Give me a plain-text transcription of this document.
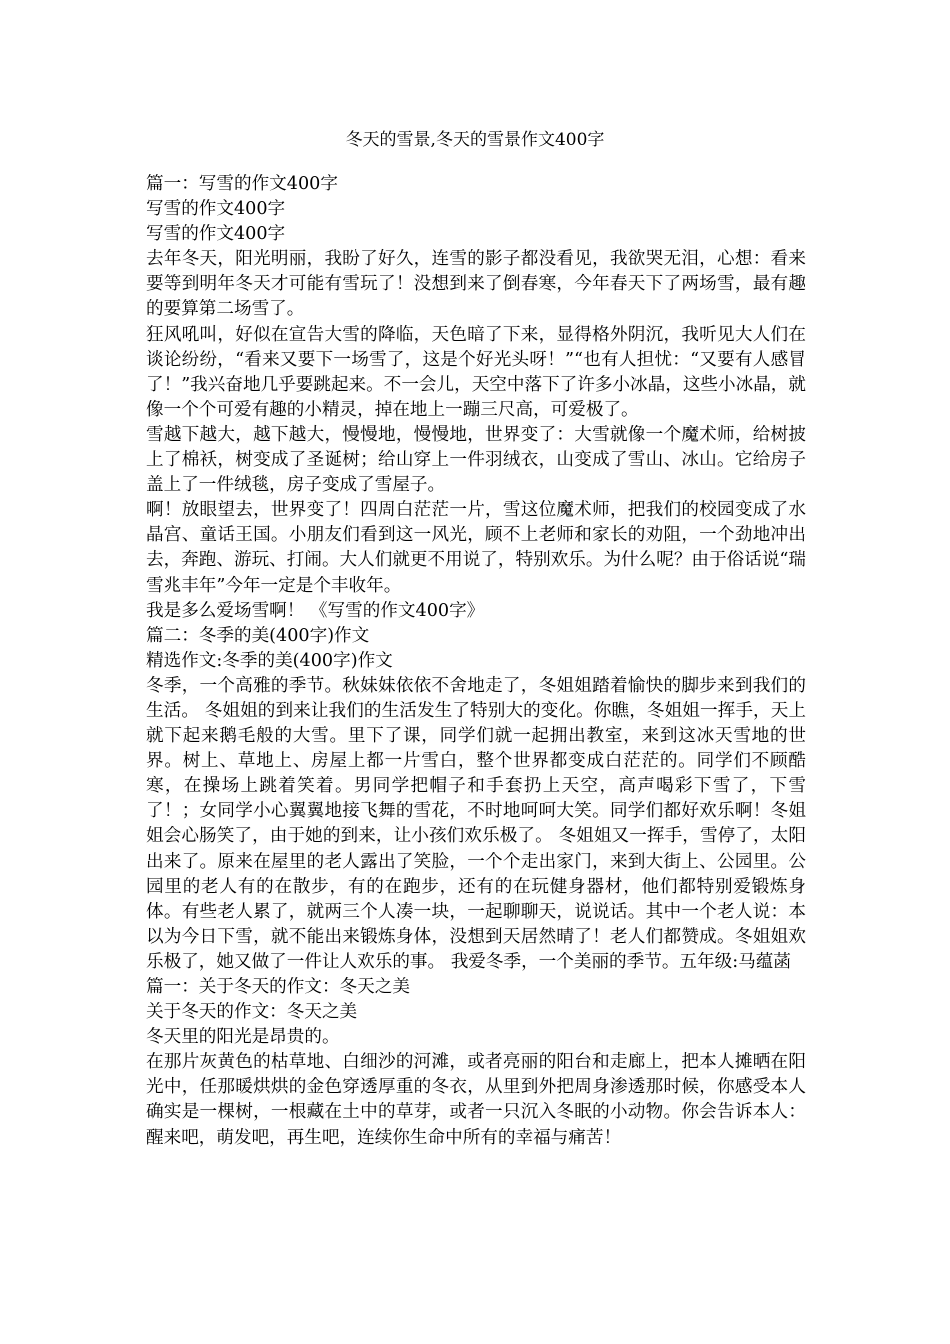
冬天的雪景,冬天的雪景作文400字

篇一：写雪的作文400字

写雪的作文400字

写雪的作文400字

去年冬天，阳光明丽，我盼了好久，连雪的影子都没看见，我欲哭无泪，心想：看来要等到明年冬天才可能有雪玩了！没想到来了倒春寒，今年春天下了两场雪，最有趣的要算第二场雪了。

狂风吼叫，好似在宣告大雪的降临，天色暗了下来，显得格外阴沉，我听见大人们在谈论纷纷，“看来又要下一场雪了，这是个好光头呀！”“也有人担忧：“又要有人感冒了！”我兴奋地几乎要跳起来。不一会儿，天空中落下了许多小冰晶，这些小冰晶，就像一个个可爱有趣的小精灵，掉在地上一蹦三尺高，可爱极了。

雪越下越大，越下越大，慢慢地，慢慢地，世界变了：大雪就像一个魔术师，给树披上了棉袄，树变成了圣诞树；给山穿上一件羽绒衣，山变成了雪山、冰山。它给房子盖上了一件绒毯，房子变成了雪屋子。

啊！放眼望去，世界变了！四周白茫茫一片，雪这位魔术师，把我们的校园变成了水晶宫、童话王国。小朋友们看到这一风光，顾不上老师和家长的劝阻，一个劲地冲出去，奔跑、游玩、打闹。大人们就更不用说了，特别欢乐。为什么呢？由于俗话说“瑞雪兆丰年”今年一定是个丰收年。

我是多么爱场雪啊！ 《写雪的作文400字》

篇二：冬季的美(400字)作文

精选作文:冬季的美(400字)作文

冬季，一个高雅的季节。秋妹妹依依不舍地走了，冬姐姐踏着愉快的脚步来到我们的生活。 冬姐姐的到来让我们的生活发生了特别大的变化。你瞧，冬姐姐一挥手，天上就下起来鹅毛般的大雪。里下了课，同学们就一起拥出教室，来到这冰天雪地的世界。树上、草地上、房屋上都一片雪白，整个世界都变成白茫茫的。同学们不顾酷寒，在操场上跳着笑着。男同学把帽子和手套扔上天空，高声喝彩下雪了，下雪了！；女同学小心翼翼地接飞舞的雪花，不时地呵呵大笑。同学们都好欢乐啊！冬姐姐会心肠笑了，由于她的到来，让小孩们欢乐极了。 冬姐姐又一挥手，雪停了，太阳出来了。原来在屋里的老人露出了笑脸，一个个走出家门，来到大街上、公园里。公园里的老人有的在散步，有的在跑步，还有的在玩健身器材，他们都特别爱锻炼身体。有些老人累了，就两三个人凑一块，一起聊聊天，说说话。其中一个老人说：本以为今日下雪，就不能出来锻炼身体，没想到天居然晴了！老人们都赞成。冬姐姐欢乐极了，她又做了一件让人欢乐的事。 我爱冬季，一个美丽的季节。五年级:马蕴菡

篇一：关于冬天的作文：冬天之美

关于冬天的作文：冬天之美

冬天里的阳光是昂贵的。

在那片灰黄色的枯草地、白细沙的河滩，或者亮丽的阳台和走廊上，把本人摊晒在阳光中，任那暖烘烘的金色穿透厚重的冬衣，从里到外把周身渗透那时候，你感受本人确实是一棵树，一根藏在土中的草芽，或者一只沉入冬眠的小动物。你会告诉本人：醒来吧，萌发吧，再生吧，连续你生命中所有的幸福与痛苦！
